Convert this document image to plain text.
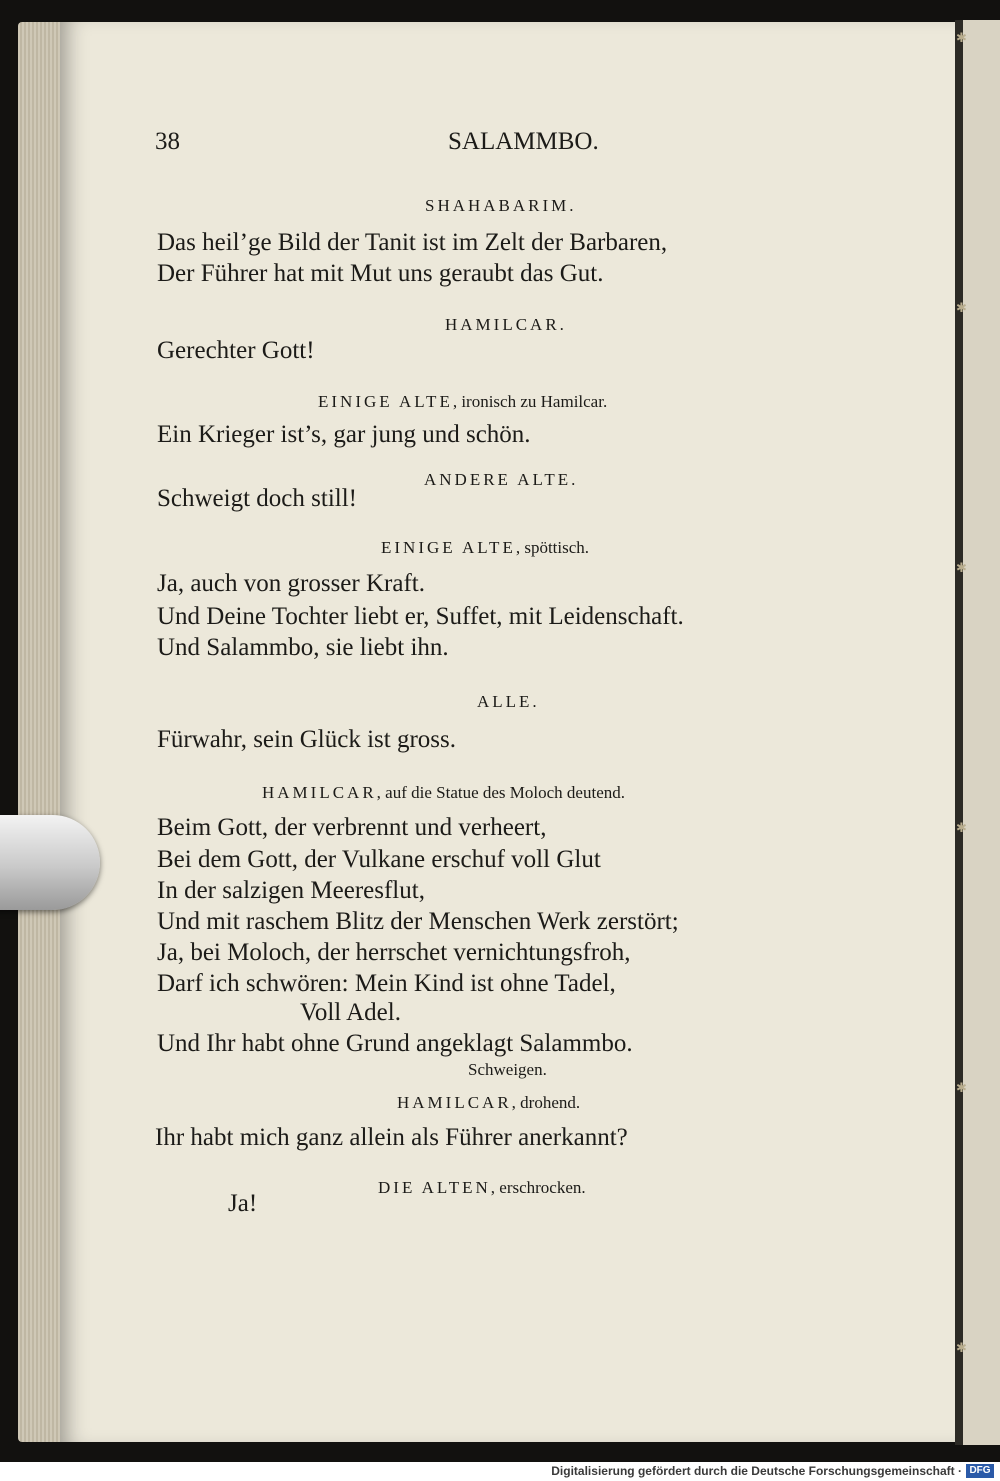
✱
✱
✱
✱
✱
✱
38	SALAMMBO.
SHAHABARIM.
Das heil’ge Bild der Tanit ist im Zelt der Barbaren,
Der Führer hat mit Mut uns geraubt das Gut.
HAMILCAR.
Gerechter Gott!
EINIGE ALTE, ironisch zu Hamilcar.
Ein Krieger ist’s, gar jung und schön.
ANDERE ALTE.
Schweigt doch still!
EINIGE ALTE, spöttisch.
Ja, auch von grosser Kraft.
Und Deine Tochter liebt er, Suffet, mit Leidenschaft.
Und Salammbo, sie liebt ihn.
ALLE.
Fürwahr, sein Glück ist gross.
HAMILCAR, auf die Statue des Moloch deutend.
Beim Gott, der verbrennt und verheert,
Bei dem Gott, der Vulkane erschuf voll Glut
In der salzigen Meeresflut,
Und mit raschem Blitz der Menschen Werk zerstört;
Ja, bei Moloch, der herrschet vernichtungsfroh,
Darf ich schwören: Mein Kind ist ohne Tadel,
Voll Adel.
Und Ihr habt ohne Grund angeklagt Salammbo.
Schweigen.
HAMILCAR, drohend.
Ihr habt mich ganz allein als Führer anerkannt?
DIE ALTEN, erschrocken.
Ja!
Digitalisierung gefördert durch die Deutsche Forschungsgemeinschaft · DFG
